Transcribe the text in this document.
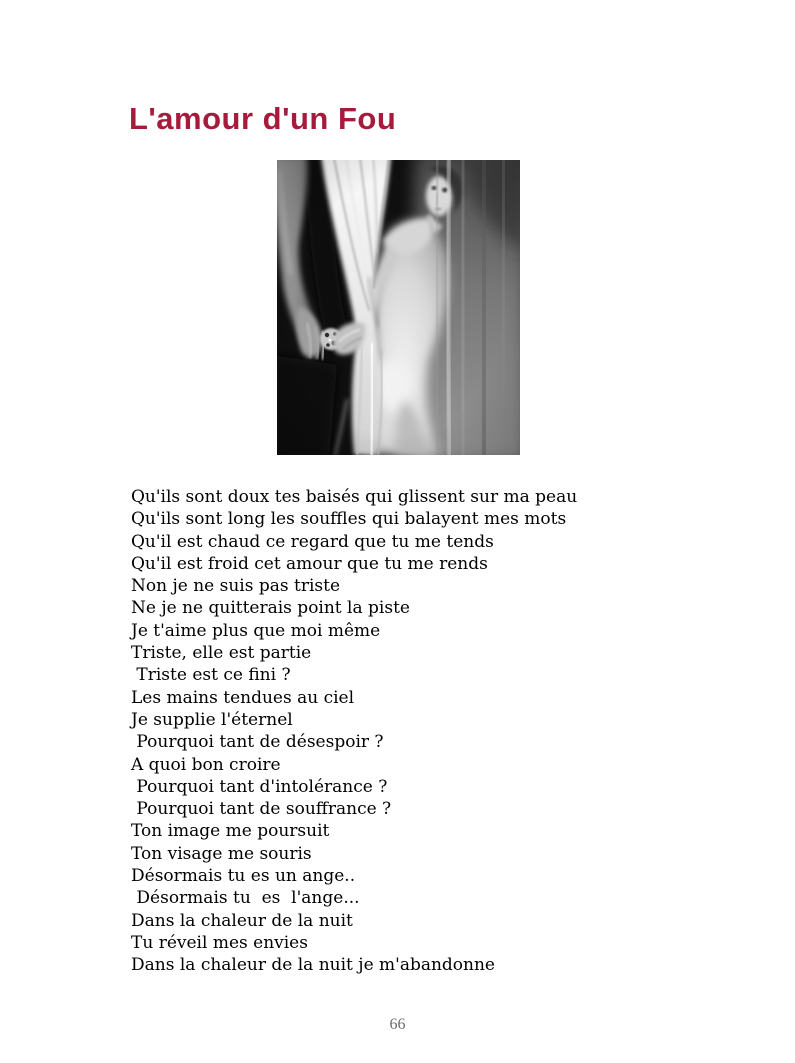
L'amour d'un Fou
Qu'ils sont doux tes baisés qui glissent sur ma peau
Qu'ils sont long les souffles qui balayent mes mots
Qu'il est chaud ce regard que tu me tends
Qu'il est froid cet amour que tu me rends
Non je ne suis pas triste
Ne je ne quitterais point la piste
Je t'aime plus que moi même
Triste, elle est partie
Triste est ce fini ?
Les mains tendues au ciel
Je supplie l'éternel
Pourquoi tant de désespoir ?
A quoi bon croire
Pourquoi tant d'intolérance ?
Pourquoi tant de souffrance ?
Ton image me poursuit
Ton visage me souris
Désormais tu es un ange..
Désormais tu  es  l'ange...
Dans la chaleur de la nuit
Tu réveil mes envies
Dans la chaleur de la nuit je m'abandonne
66
